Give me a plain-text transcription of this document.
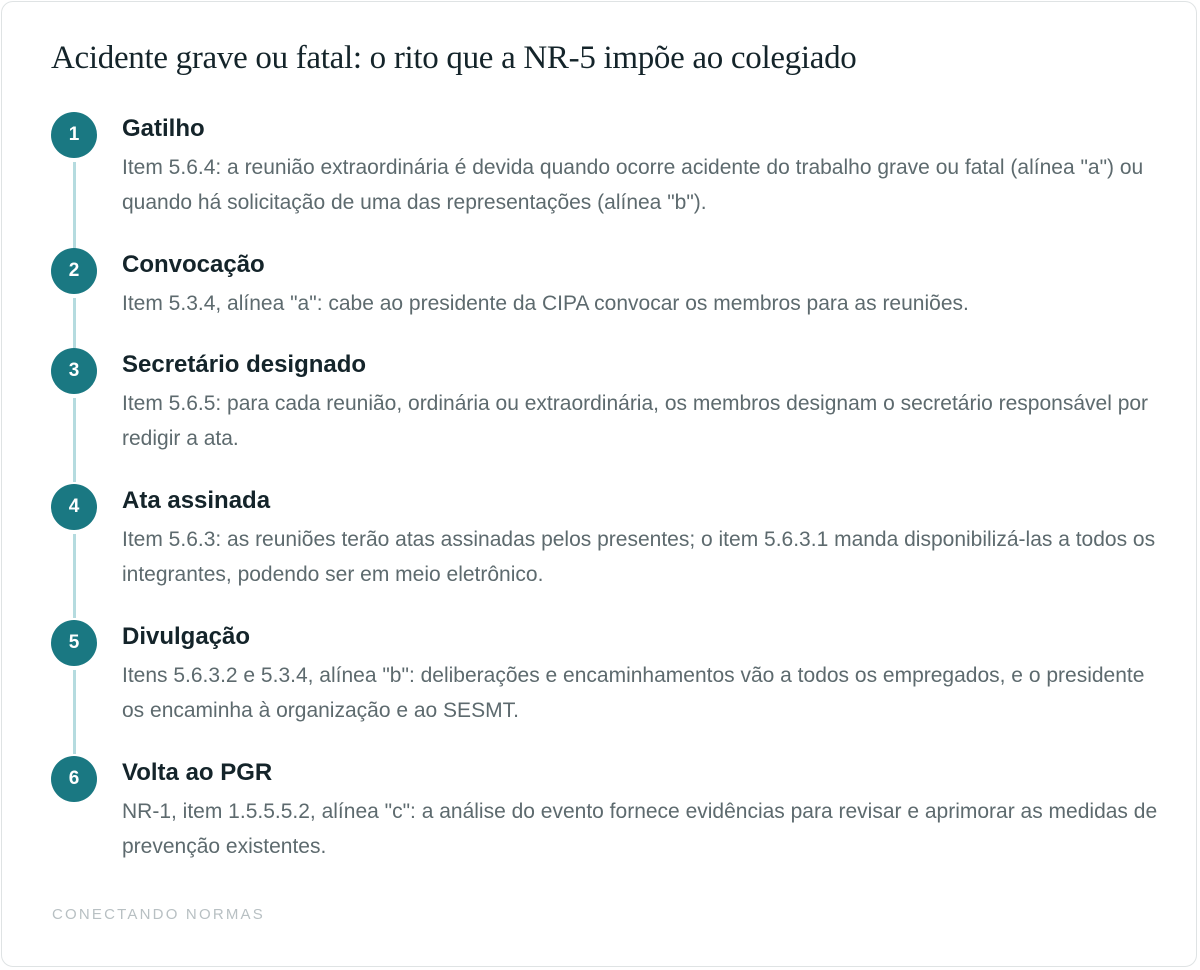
Acidente grave ou fatal: o rito que a NR-5 impõe ao colegiado
1	Gatilho

Item 5.6.4: a reunião extraordinária é devida quando ocorre acidente do trabalho grave ou fatal (alínea "a") ou quando há solicitação de uma das representações (alínea "b").

2	Convocação

Item 5.3.4, alínea "a": cabe ao presidente da CIPA convocar os membros para as reuniões.

3	Secretário designado

Item 5.6.5: para cada reunião, ordinária ou extraordinária, os membros designam o secretário responsável por redigir a ata.

4	Ata assinada

Item 5.6.3: as reuniões terão atas assinadas pelos presentes; o item 5.6.3.1 manda disponibilizá-las a todos os integrantes, podendo ser em meio eletrônico.

5	Divulgação

Itens 5.6.3.2 e 5.3.4, alínea "b": deliberações e encaminhamentos vão a todos os empregados, e o presidente os encaminha à organização e ao SESMT.

6	Volta ao PGR

NR-1, item 1.5.5.5.2, alínea "c": a análise do evento fornece evidências para revisar e aprimorar as medidas de prevenção existentes.

CONECTANDO NORMAS
